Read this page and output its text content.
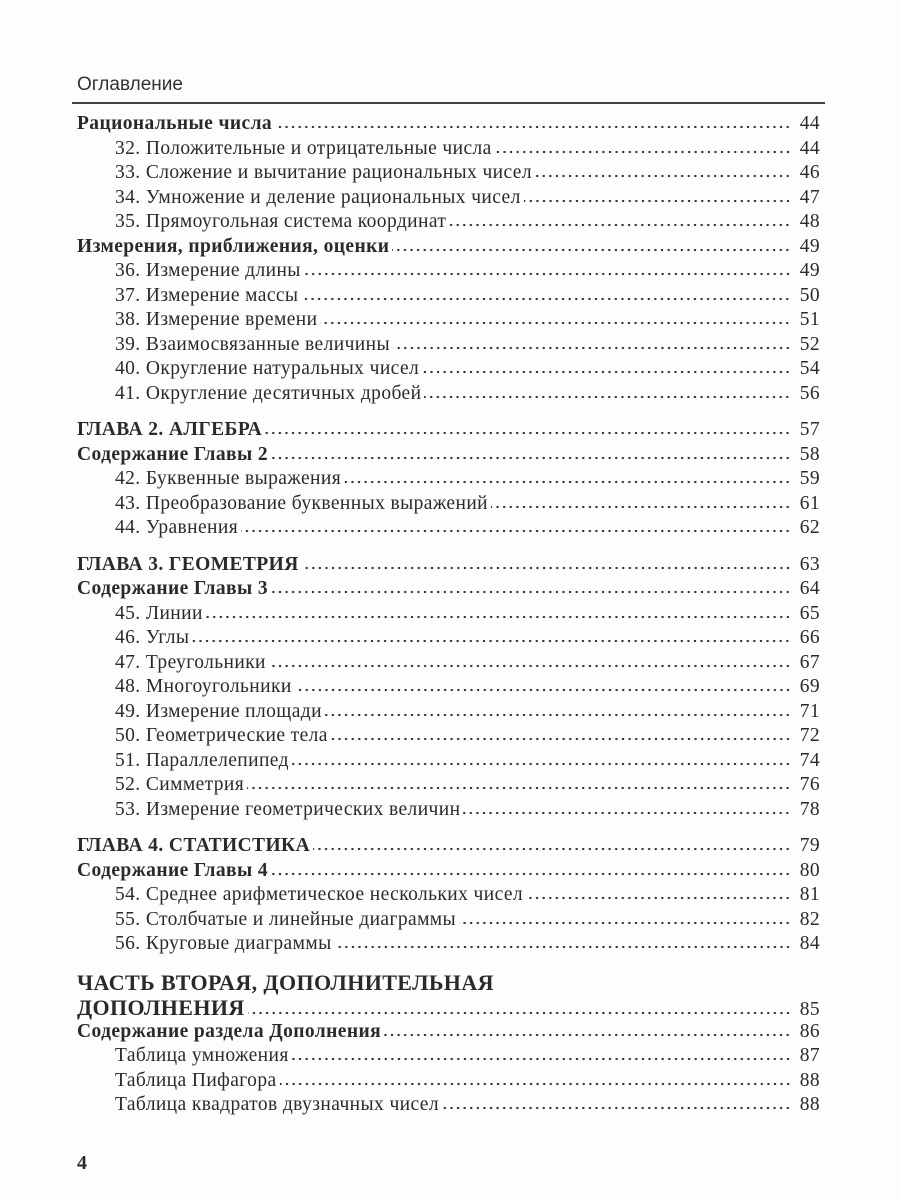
Оглавление
Рациональные числа	44
32. Положительные и отрицательные числа	44
33. Сложение и вычитание рациональных чисел	46
34. Умножение и деление рациональных чисел	47
35. Прямоугольная система координат	48
Измерения, приближения, оценки	49
36. Измерение длины	49
37. Измерение массы	50
38. Измерение времени	51
39. Взаимосвязанные величины	52
40. Округление натуральных чисел	54
41. Округление десятичных дробей	56
ГЛАВА 2. АЛГЕБРА	57
Содержание Главы 2	58
42. Буквенные выражения	59
43. Преобразование буквенных выражений	61
44. Уравнения	62
ГЛАВА 3. ГЕОМЕТРИЯ	63
Содержание Главы 3	64
45. Линии	65
46. Углы	66
47. Треугольники	67
48. Многоугольники	69
49. Измерение площади	71
50. Геометрические тела	72
51. Параллелепипед	74
52. Симметрия	76
53. Измерение геометрических величин	78
ГЛАВА 4. СТАТИСТИКА	79
Содержание Главы 4	80
54. Среднее арифметическое нескольких чисел	81
55. Столбчатые и линейные диаграммы	82
56. Круговые диаграммы	84
ЧАСТЬ ВТОРАЯ, ДОПОЛНИТЕЛЬНАЯ
ДОПОЛНЕНИЯ	85
Содержание раздела Дополнения	86
Таблица умножения	87
Таблица Пифагора	88
Таблица квадратов двузначных чисел	88
4
